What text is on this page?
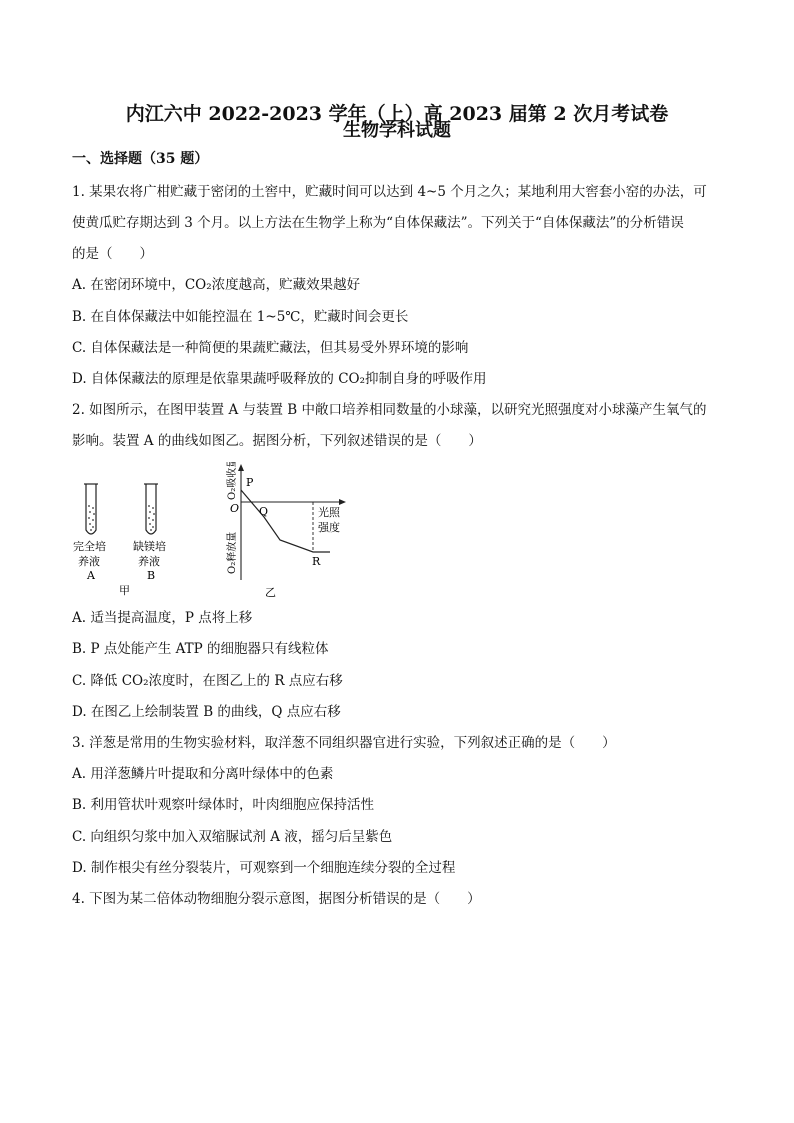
内江六中 2022-2023 学年（上）高 2023 届第 2 次月考试卷
生物学科试题
一、选择题（35 题）
1. 某果农将广柑贮藏于密闭的土窖中，贮藏时间可以达到 4~5 个月之久；某地利用大窖套小窑的办法，可
使黄瓜贮存期达到 3 个月。以上方法在生物学上称为“自体保藏法”。下列关于“自体保藏法”的分析错误
的是（　　）
A. 在密闭环境中，CO₂浓度越高，贮藏效果越好
B. 在自体保藏法中如能控温在 1~5℃，贮藏时间会更长
C. 自体保藏法是一种简便的果蔬贮藏法，但其易受外界环境的影响
D. 自体保藏法的原理是依靠果蔬呼吸释放的 CO₂抑制自身的呼吸作用
2. 如图所示，在图甲装置 A 与装置 B 中敞口培养相同数量的小球藻，以研究光照强度对小球藻产生氧气的
影响。装置 A 的曲线如图乙。据图分析，下列叙述错误的是（　　）
完全培
养液
A
缺镁培
养液
B
甲
P
O Q
R
光照
强度
O₂吸收量
O₂释放量
乙
A. 适当提高温度，P 点将上移
B. P 点处能产生 ATP 的细胞器只有线粒体
C. 降低 CO₂浓度时，在图乙上的 R 点应右移
D. 在图乙上绘制装置 B 的曲线，Q 点应右移
3. 洋葱是常用的生物实验材料，取洋葱不同组织器官进行实验，下列叙述正确的是（　　）
A. 用洋葱鳞片叶提取和分离叶绿体中的色素
B. 利用管状叶观察叶绿体时，叶肉细胞应保持活性
C. 向组织匀浆中加入双缩脲试剂 A 液，摇匀后呈紫色
D. 制作根尖有丝分裂装片，可观察到一个细胞连续分裂的全过程
4. 下图为某二倍体动物细胞分裂示意图，据图分析错误的是（　　）
